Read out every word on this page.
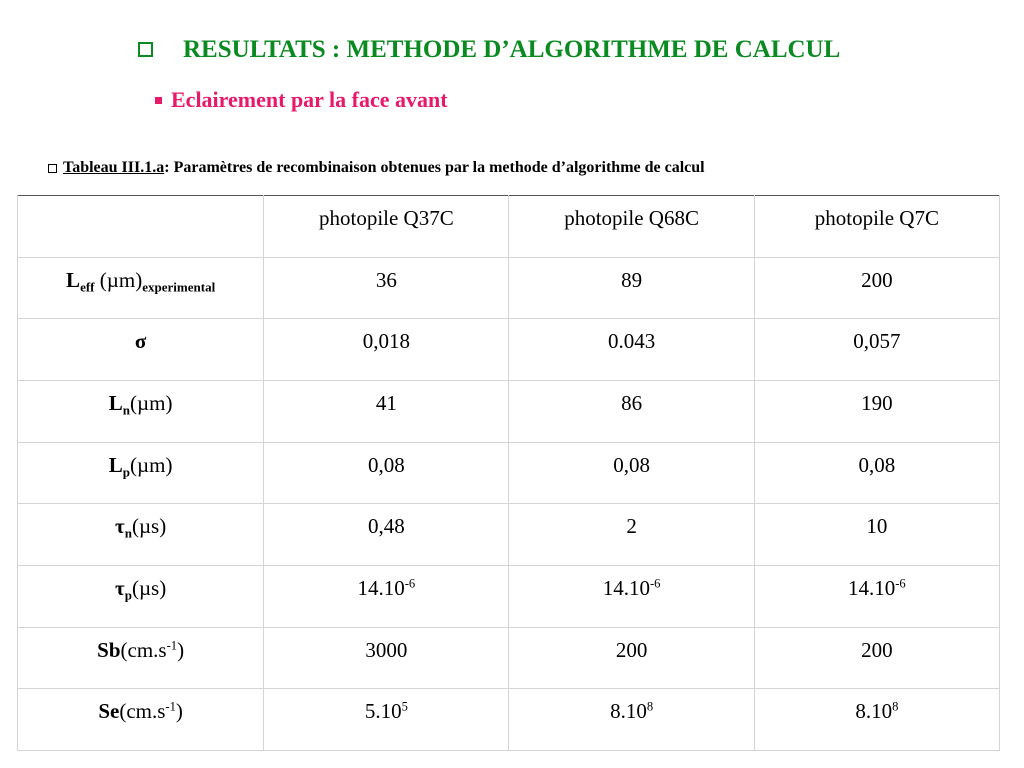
RESULTATS : METHODE D’ALGORITHME DE CALCUL
Eclairement par la face avant
Tableau III.1.a : Paramètres de recombinaison obtenues par la methode d’algorithme de calcul
	photopile Q37C	photopile Q68C	photopile Q7C
$L_{eff}$ $(\mu m)_{experimental}$	36	89	200
σ	0,018	0.043	0,057
$L_n(\mu m)$	41	86	190
$L_p(\mu m)$	0,08	0,08	0,08
$\tau_n(\mu s)$	0,48	2	10
$\tau_p(\mu s)$	$14.10^{-6}$	$14.10^{-6}$	$14.10^{-6}$
$Sb(cm.s^{-1})$	3000	200	200
$Se(cm.s^{-1})$	5.10$^5$	8.10$^8$	8.10$^8$
